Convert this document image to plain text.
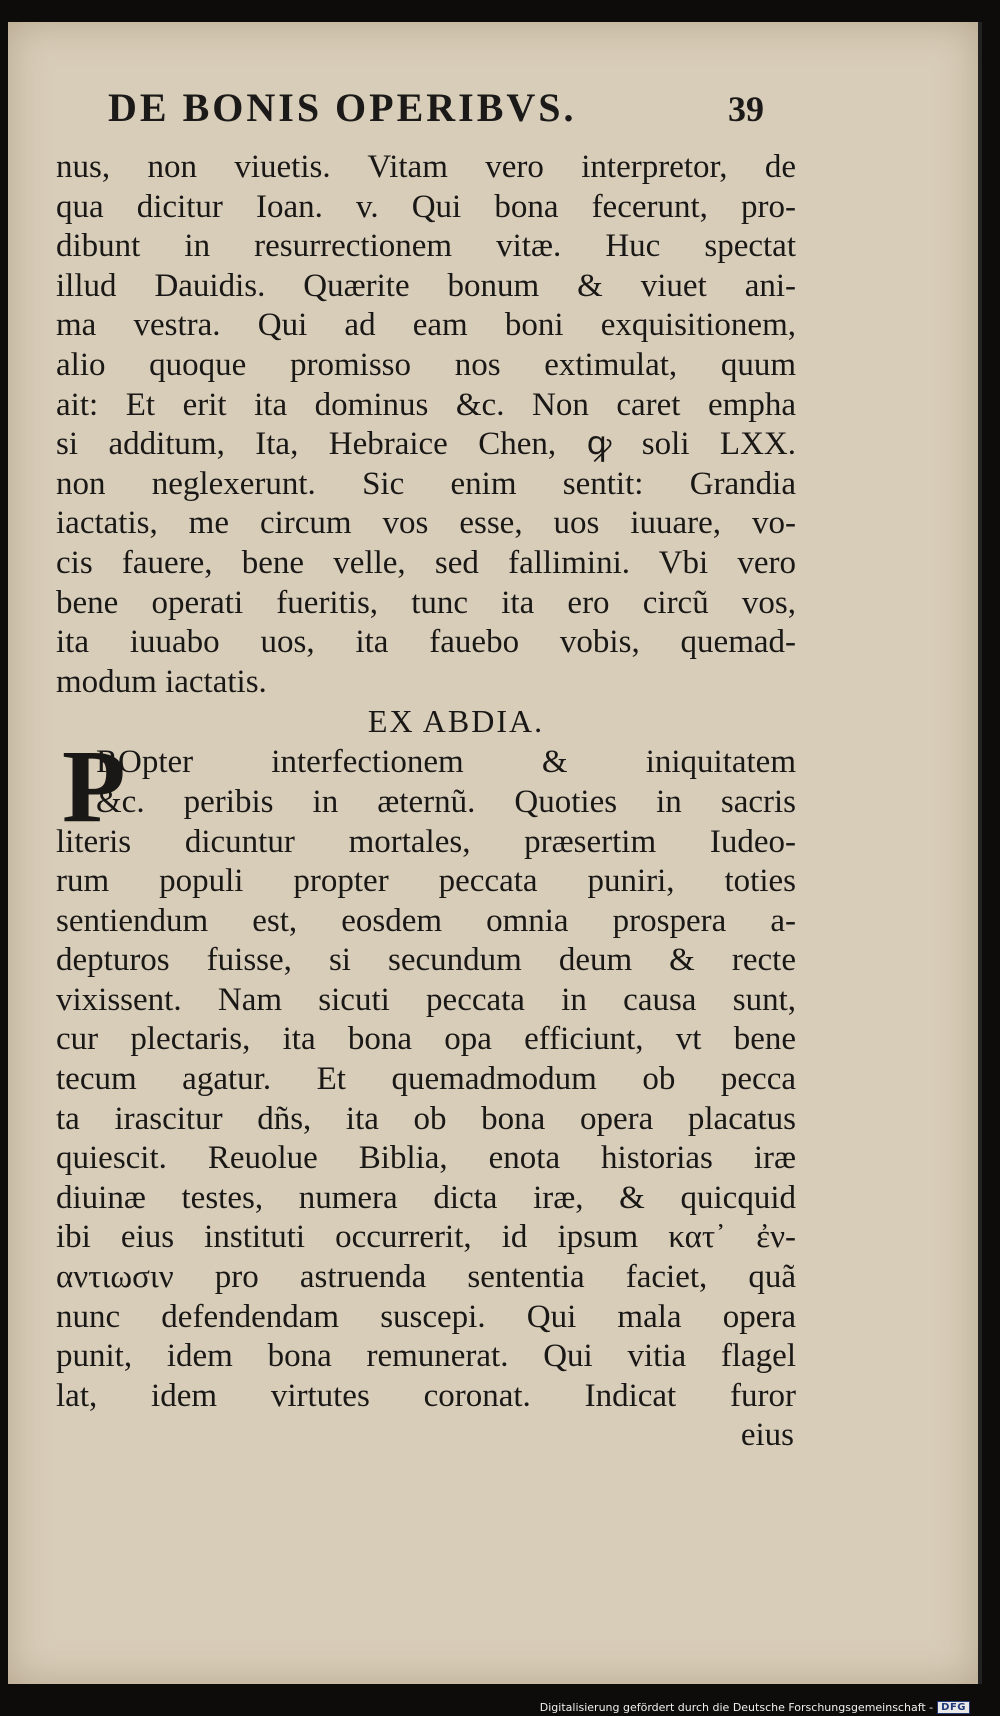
DE BONIS OPERIBVS.	39
nus, non viuetis. Vitam vero interpretor, de
qua dicitur Ioan. v. Qui bona fecerunt, pro-
dibunt in resurrectionem vitæ. Huc spectat
illud Dauidis. Quærite bonum & viuet ani-
ma vestra. Qui ad eam boni exquisitionem,
alio quoque promisso nos extimulat, quum
ait: Et erit ita dominus &c. Non caret empha
si additum, Ita, Hebraice Chen, ꝙ soli LXX.
non neglexerunt. Sic enim sentit: Grandia
iactatis, me circum vos esse, uos iuuare, vo-
cis fauere, bene velle, sed fallimini. Vbi vero
bene operati fueritis, tunc ita ero circũ vos,
ita iuuabo uos, ita fauebo vobis, quemad-
modum iactatis.
EX ABDIA.
P
ROpter interfectionem & iniquitatem
&c. peribis in æternũ. Quoties in sacris
literis dicuntur mortales, præsertim Iudeo-
rum populi propter peccata puniri, toties
sentiendum est, eosdem omnia prospera a-
depturos fuisse, si secundum deum & recte
vixissent. Nam sicuti peccata in causa sunt,
cur plectaris, ita bona opa efficiunt, vt bene
tecum agatur. Et quemadmodum ob pecca
ta irascitur dñs, ita ob bona opera placatus
quiescit. Reuolue Biblia, enota historias iræ
diuinæ testes, numera dicta iræ, & quicquid
ibi eius instituti occurrerit, id ipsum κατ᾽ ἐν-
αντιωσιν pro astruenda sententia faciet, quã
nunc defendendam suscepi. Qui mala opera
punit, idem bona remunerat. Qui vitia flagel
lat, idem virtutes coronat. Indicat furor
eius
Digitalisierung gefördert durch die Deutsche Forschungsgemeinschaft - DFG
